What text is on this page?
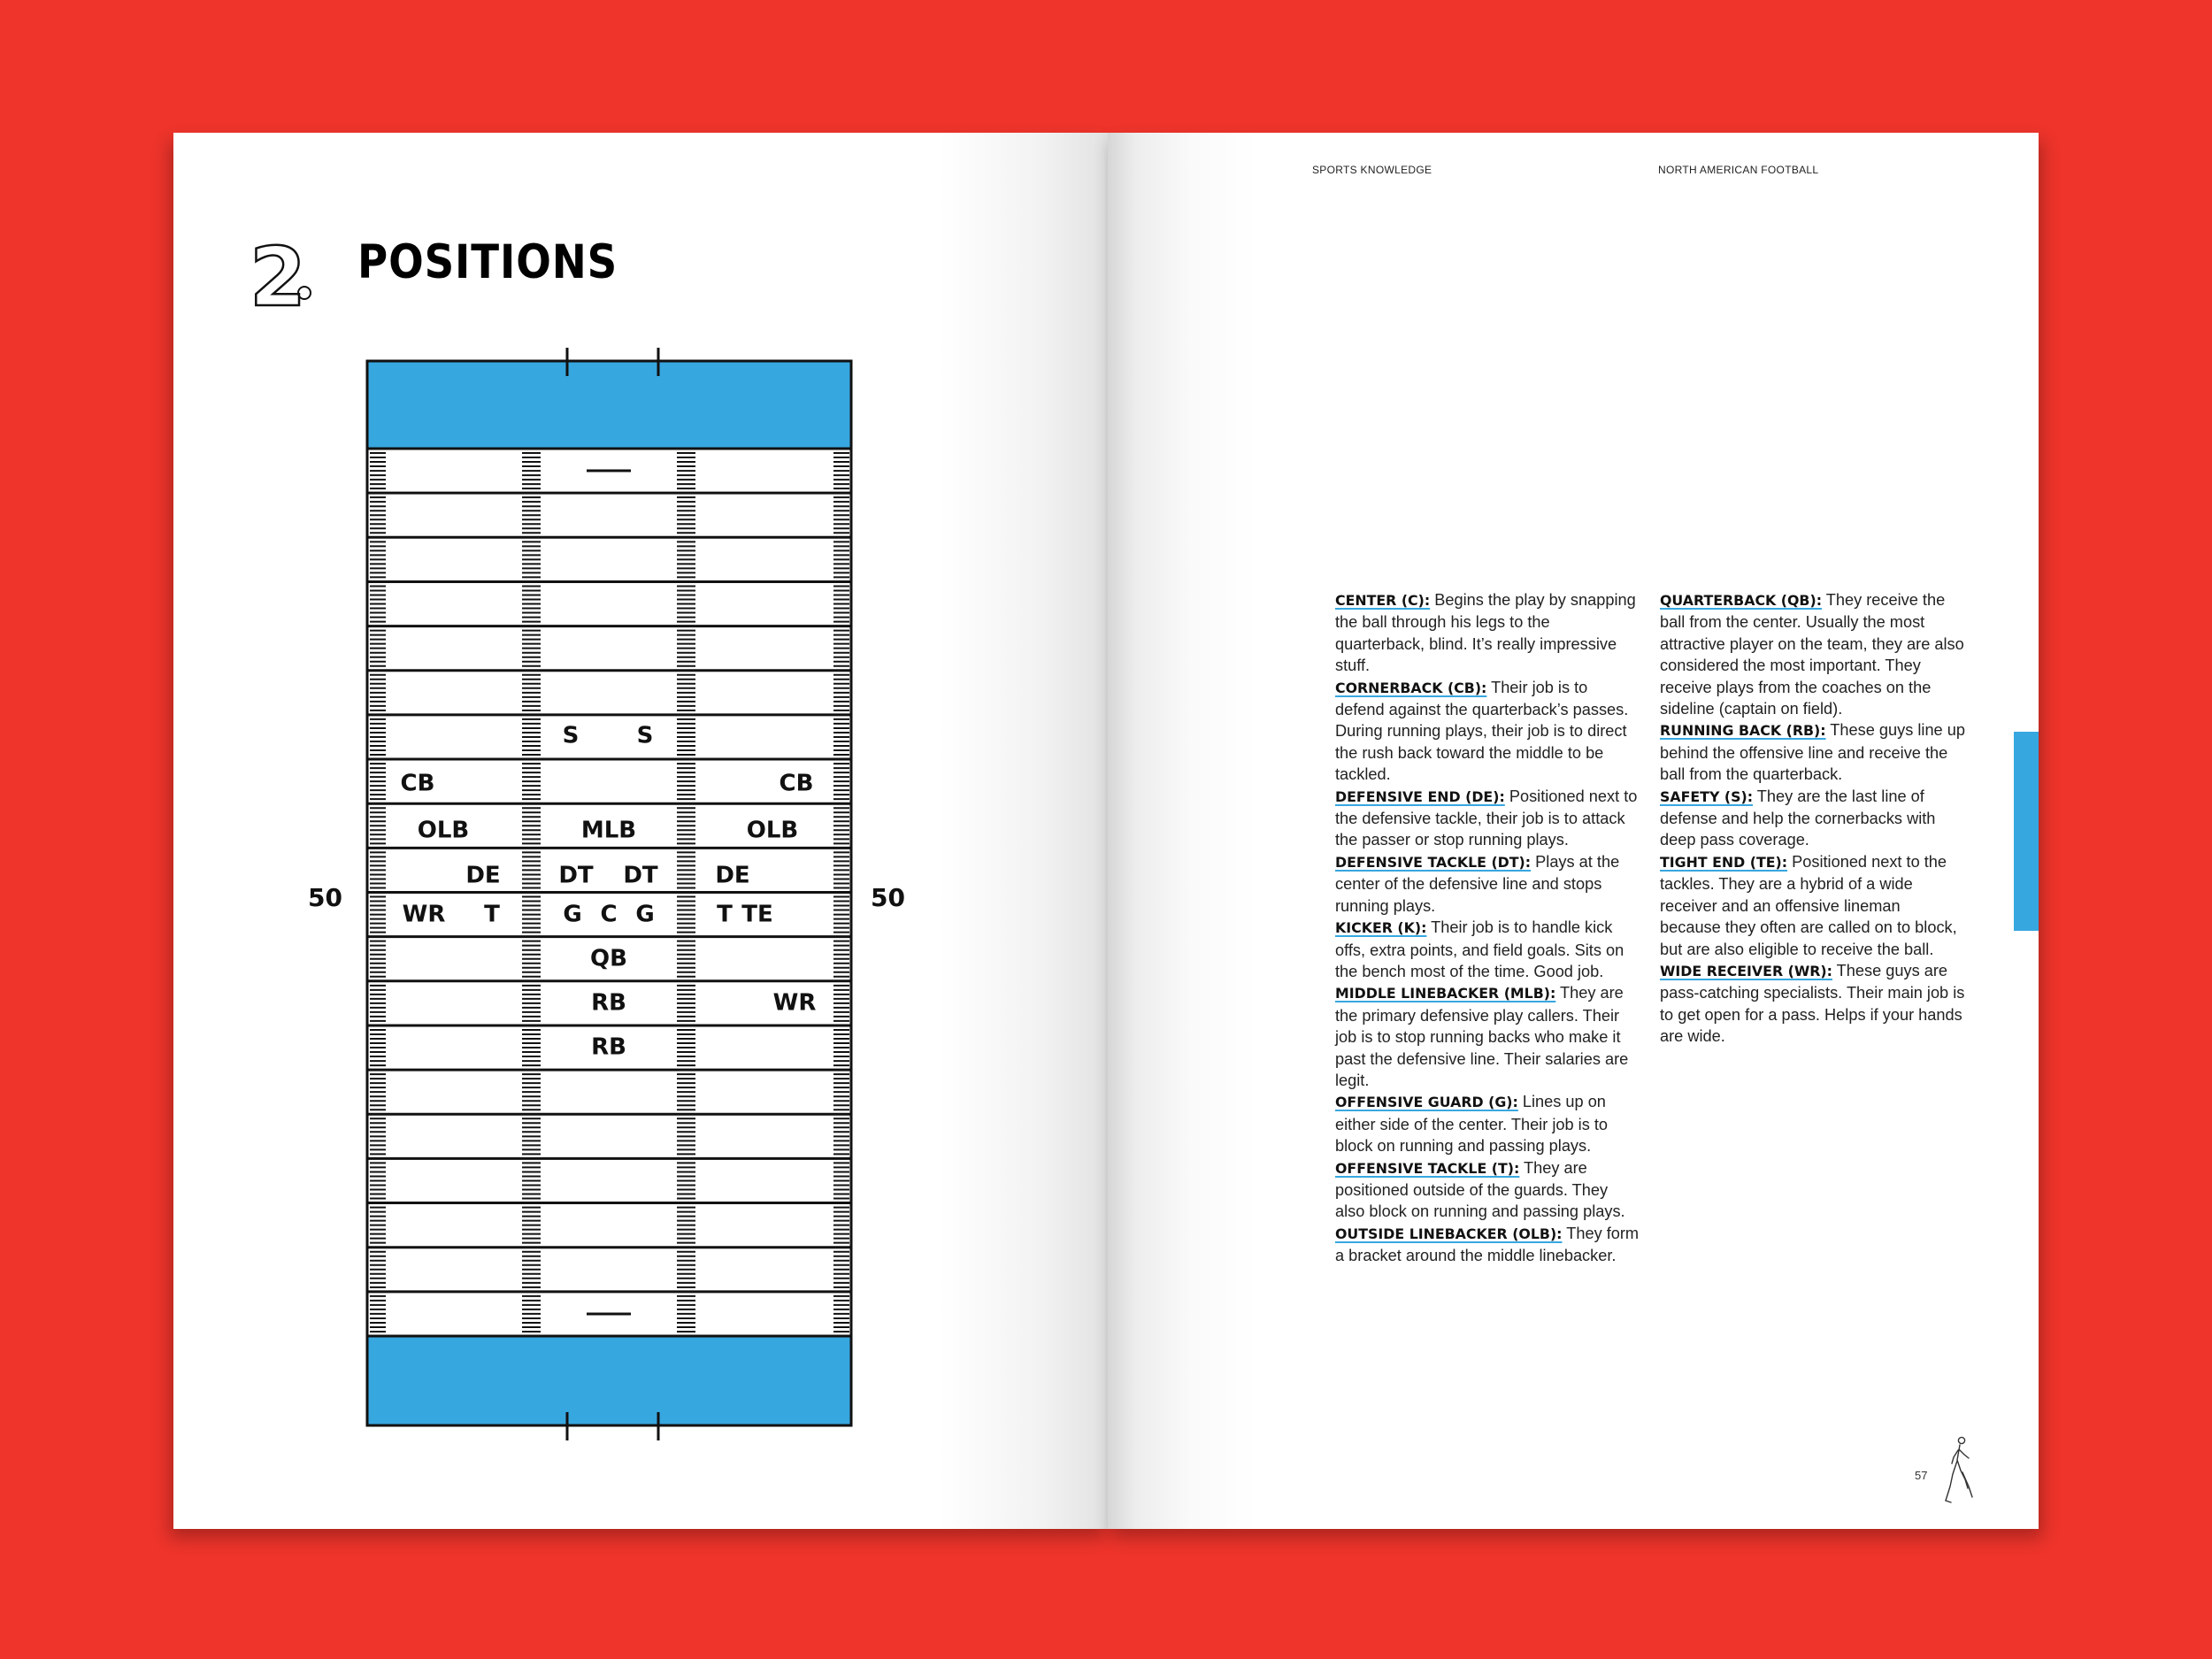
2 POSITIONS
S	S
CB	CB
OLB	MLB	OLB
DE	DT DT DE
WR T	G C G	T TE
QB
RB	WR
RB
50	50
SPORTS KNOWLEDGE	NORTH AMERICAN FOOTBALL

CENTER (C): Begins the play by snapping the ball through his legs to the quarterback, blind. It’s really impressive stuff.

CORNERBACK (CB): Their job is to defend against the quarterback’s passes. During running plays, their job is to direct the rush back toward the middle to be tackled.

DEFENSIVE END (DE): Positioned next to the defensive tackle, their job is to attack the passer or stop running plays.

DEFENSIVE TACKLE (DT): Plays at the center of the defensive line and stops running plays.

KICKER (K): Their job is to handle kick offs, extra points, and field goals. Sits on the bench most of the time. Good job.

MIDDLE LINEBACKER (MLB): They are the primary defensive play callers. Their job is to stop running backs who make it past the defensive line. Their salaries are legit.

OFFENSIVE GUARD (G): Lines up on either side of the center. Their job is to block on running and passing plays.

OFFENSIVE TACKLE (T): They are positioned outside of the guards. They also block on running and passing plays.

OUTSIDE LINEBACKER (OLB): They form a bracket around the middle linebacker.

QUARTERBACK (QB): They receive the ball from the center. Usually the most attractive player on the team, they are also considered the most important. They receive plays from the coaches on the sideline (captain on field).

RUNNING BACK (RB): These guys line up behind the offensive line and receive the ball from the quarterback.

SAFETY (S): They are the last line of defense and help the cornerbacks with deep pass coverage.

TIGHT END (TE): Positioned next to the tackles. They are a hybrid of a wide receiver and an offensive lineman because they often are called on to block, but are also eligible to receive the ball.

WIDE RECEIVER (WR): These guys are pass-catching specialists. Their main job is to get open for a pass. Helps if your hands are wide.

57
